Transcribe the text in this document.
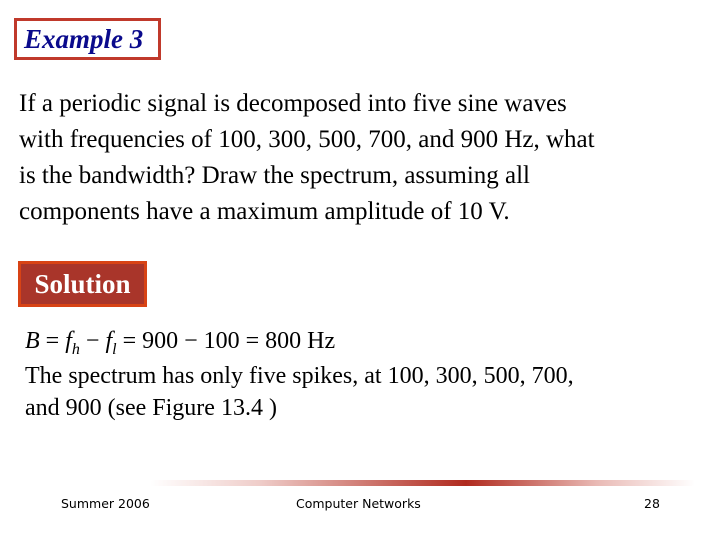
Example 3
If a periodic signal is decomposed into five sine waves
with frequencies of 100, 300, 500, 700, and 900 Hz, what
is the bandwidth? Draw the spectrum, assuming all
components have a maximum amplitude of 10 V.
Solution
$B = f_h - f_l = 900 - 100 = 800$ Hz
The spectrum has only five spikes, at 100, 300, 500, 700,
and 900 (see Figure 13.4 )
Summer 2006	Computer Networks	28
